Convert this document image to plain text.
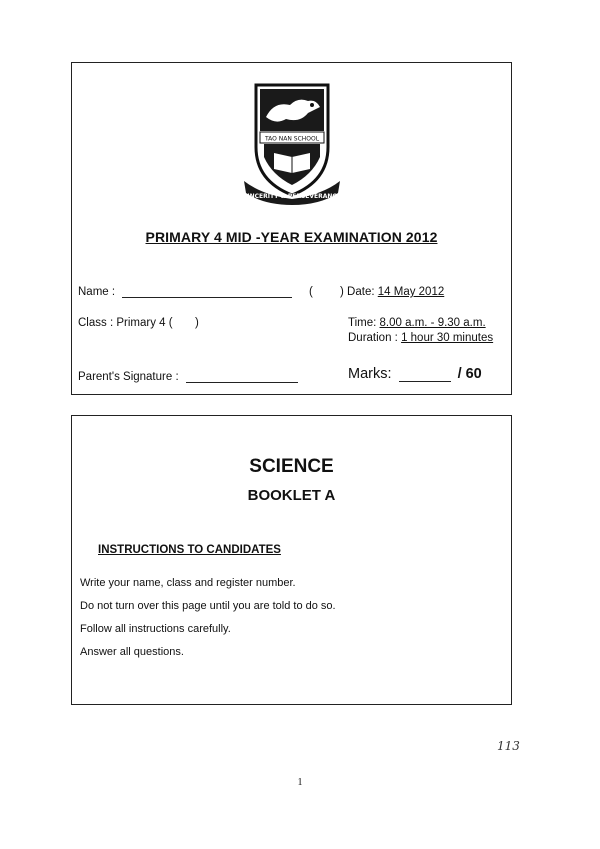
TAO NAN SCHOOL
SINCERITY & PERSEVERANCE
PRIMARY 4 MID -YEAR EXAMINATION 2012
Name :	( ) Date: 14 May 2012
Class : Primary 4 ( )	Time: 8.00 a.m. - 9.30 a.m.
Duration : 1 hour 30 minutes
Parent's Signature :	Marks:	/ 60
SCIENCE
BOOKLET A
INSTRUCTIONS TO CANDIDATES
Write your name, class and register number.
Do not turn over this page until you are told to do so.
Follow all instructions carefully.
Answer all questions.
113
1
